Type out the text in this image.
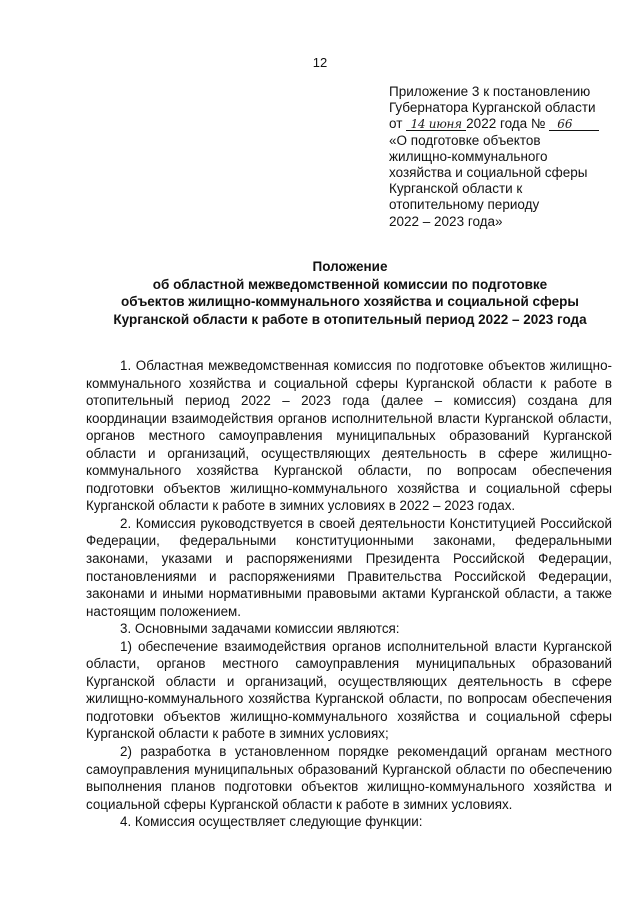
12
Приложение 3 к постановлению
Губернатора Курганской области
от 14 июня 2022 года № 66
«О подготовке объектов
жилищно-коммунального
хозяйства и социальной сферы
Курганской области к
отопительному периоду
2022 – 2023 года»
Положение
об областной межведомственной комиссии по подготовке
объектов жилищно-коммунального хозяйства и социальной сферы
Курганской области к работе в отопительный период 2022 – 2023 года

1. Областная межведомственная комиссия по подготовке объектов жилищно-коммунального хозяйства и социальной сферы Курганской области к работе в отопительный период 2022 – 2023 года (далее – комиссия) создана для координации взаимодействия органов исполнительной власти Курганской области, органов местного самоуправления муниципальных образований Курганской области и организаций, осуществляющих деятельность в сфере жилищно-коммунального хозяйства Курганской области, по вопросам обеспечения подготовки объектов жилищно-коммунального хозяйства и социальной сферы Курганской области к работе в зимних условиях в 2022 – 2023 годах.

2. Комиссия руководствуется в своей деятельности Конституцией Российской Федерации, федеральными конституционными законами, федеральными законами, указами и распоряжениями Президента Российской Федерации, постановлениями и распоряжениями Правительства Российской Федерации, законами и иными нормативными правовыми актами Курганской области, а также настоящим положением.

3. Основными задачами комиссии являются:

1) обеспечение взаимодействия органов исполнительной власти Курганской области, органов местного самоуправления муниципальных образований Курганской области и организаций, осуществляющих деятельность в сфере жилищно-коммунального хозяйства Курганской области, по вопросам обеспечения подготовки объектов жилищно-коммунального хозяйства и социальной сферы Курганской области к работе в зимних условиях;

2) разработка в установленном порядке рекомендаций органам местного самоуправления муниципальных образований Курганской области по обеспечению выполнения планов подготовки объектов жилищно-коммунального хозяйства и социальной сферы Курганской области к работе в зимних условиях.

4. Комиссия осуществляет следующие функции:
